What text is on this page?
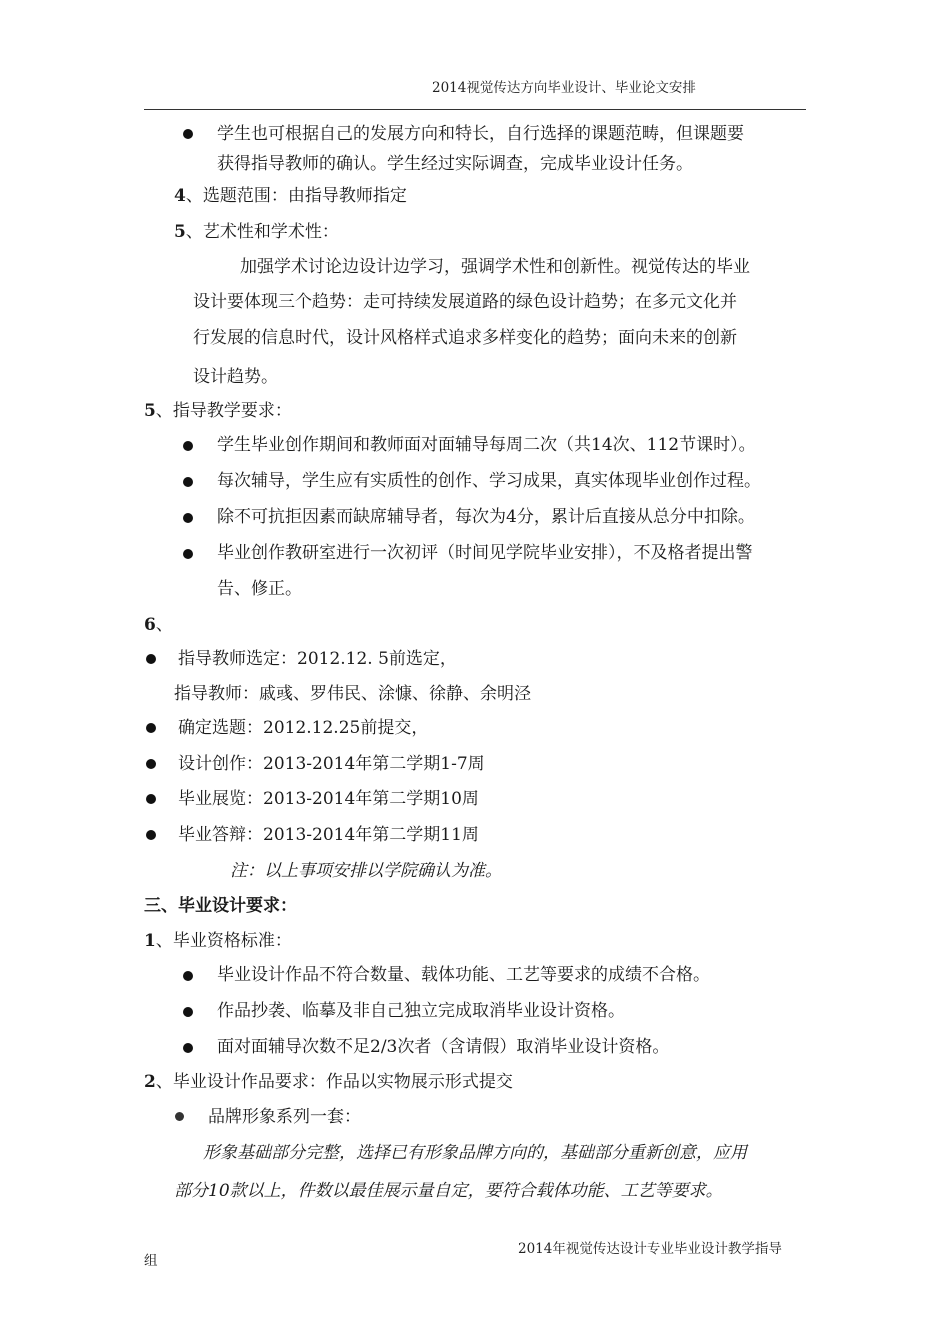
2014视觉传达方向毕业设计、毕业论文安排
学生也可根据自己的发展方向和特长，自行选择的课题范畴，但课题要
获得指导教师的确认。学生经过实际调查，完成毕业设计任务。
4、选题范围：由指导教师指定
5、艺术性和学术性：
加强学术讨论边设计边学习，强调学术性和创新性。视觉传达的毕业
设计要体现三个趋势：走可持续发展道路的绿色设计趋势；在多元文化并
行发展的信息时代，设计风格样式追求多样变化的趋势；面向未来的创新
设计趋势。
5、指导教学要求：
学生毕业创作期间和教师面对面辅导每周二次（共14次、112节课时）。
每次辅导，学生应有实质性的创作、学习成果，真实体现毕业创作过程。
除不可抗拒因素而缺席辅导者，每次为4分，累计后直接从总分中扣除。
毕业创作教研室进行一次初评（时间见学院毕业安排），不及格者提出警
告、修正。
6、
指导教师选定：2012.12. 5前选定，
指导教师：戚彧、罗伟民、涂慷、徐静、余明泾
确定选题：2012.12.25前提交，
设计创作：2013-2014年第二学期1-7周
毕业展览：2013-2014年第二学期10周
毕业答辩：2013-2014年第二学期11周
注：以上事项安排以学院确认为准。
三、毕业设计要求：
1、毕业资格标准：
毕业设计作品不符合数量、载体功能、工艺等要求的成绩不合格。
作品抄袭、临摹及非自己独立完成取消毕业设计资格。
面对面辅导次数不足2/3次者（含请假）取消毕业设计资格。
2、毕业设计作品要求：作品以实物展示形式提交
品牌形象系列一套：
形象基础部分完整，选择已有形象品牌方向的，基础部分重新创意，应用
部分10款以上，件数以最佳展示量自定，要符合载体功能、工艺等要求。
2014年视觉传达设计专业毕业设计教学指导
组
